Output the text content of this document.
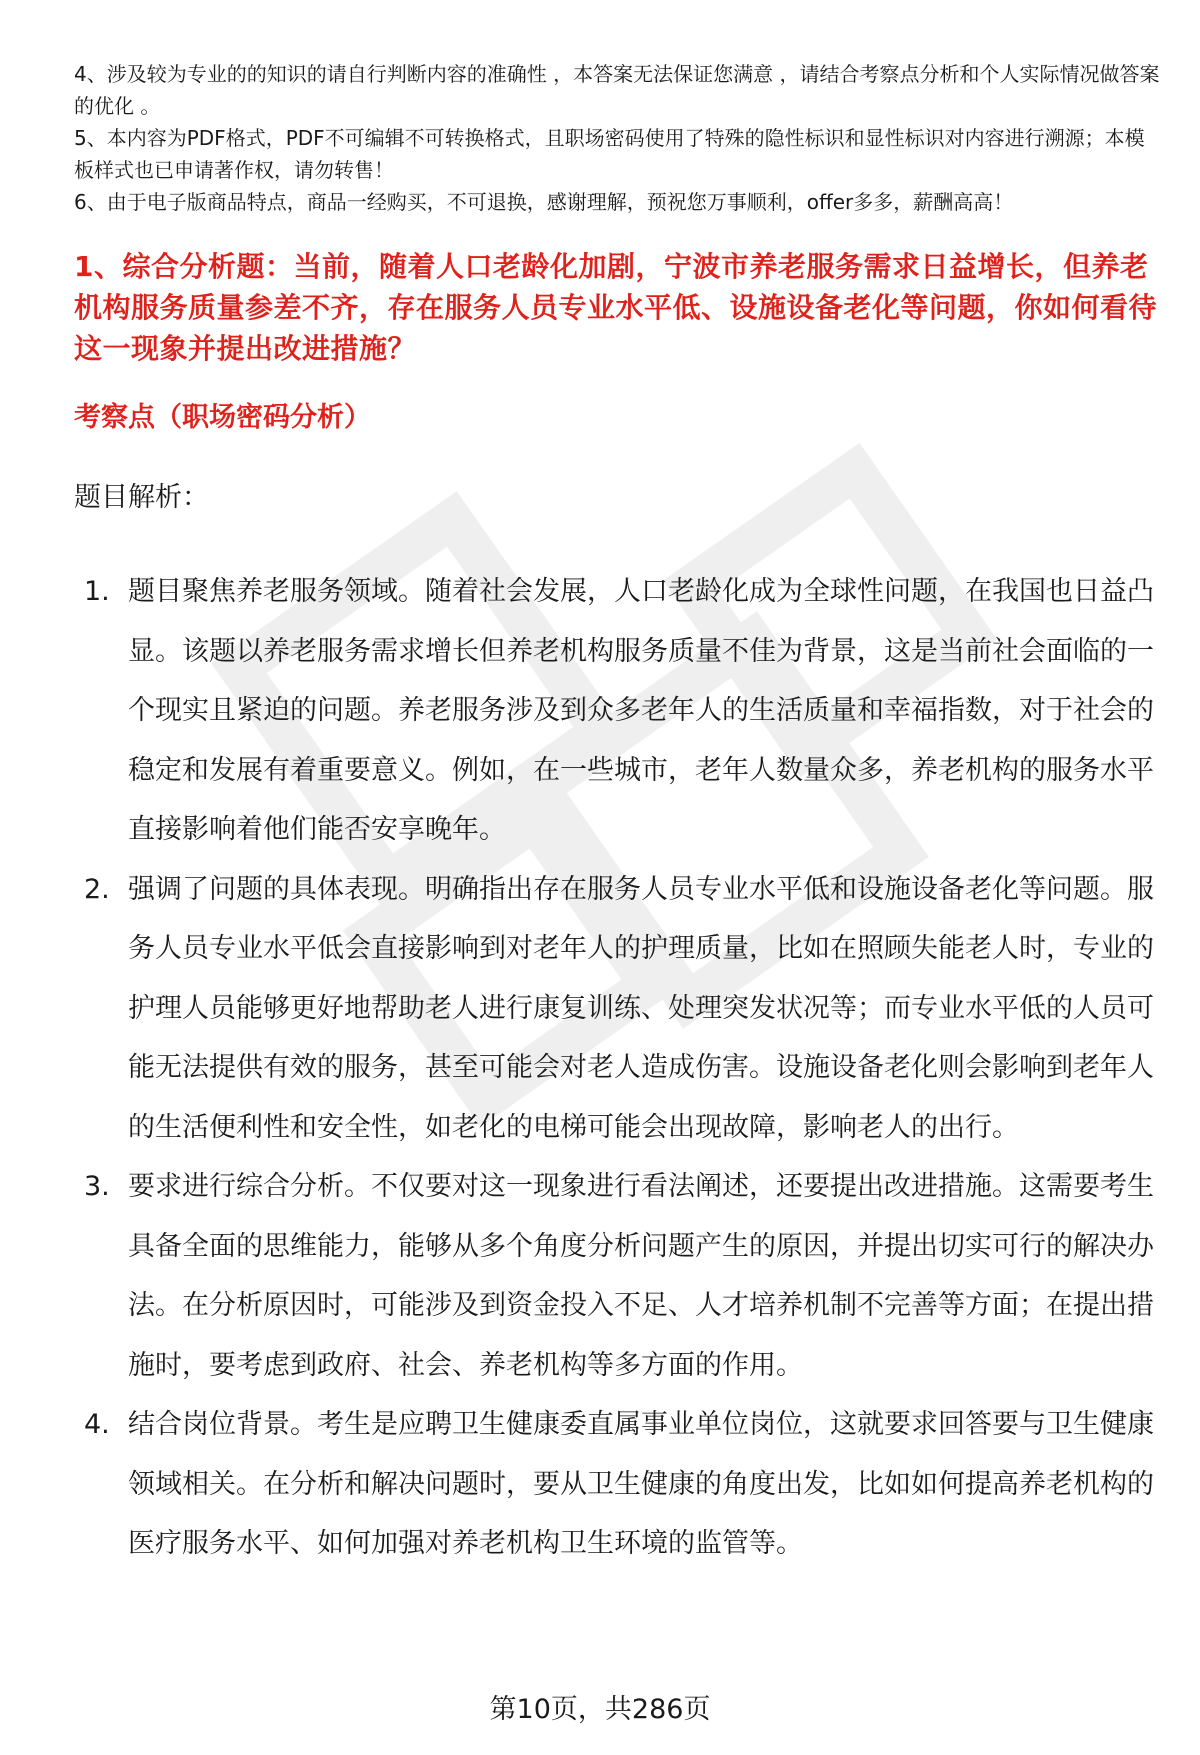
4、涉及较为专业的的知识的请自行判断内容的准确性 ，本答案无法保证您满意 ，请结合考察点分析和个人实际情况做答案的优化 。

5、本内容为PDF格式，PDF不可编辑不可转换格式，且职场密码使用了特殊的隐性标识和显性标识对内容进行溯源；本模板样式也已申请著作权，请勿转售！

6、由于电子版商品特点，商品一经购买，不可退换，感谢理解，预祝您万事顺利，offer多多，薪酬高高！

1、综合分析题：当前，随着人口老龄化加剧，宁波市养老服务需求日益增长，但养老机构服务质量参差不齐，存在服务人员专业水平低、设施设备老化等问题，你如何看待这一现象并提出改进措施？
考察点（职场密码分析）
题目解析：
1. 题目聚焦养老服务领域。随着社会发展，人口老龄化成为全球性问题，在我国也日益凸显。该题以养老服务需求增长但养老机构服务质量不佳为背景，这是当前社会面临的一个现实且紧迫的问题。养老服务涉及到众多老年人的生活质量和幸福指数，对于社会的稳定和发展有着重要意义。例如，在一些城市，老年人数量众多，养老机构的服务水平直接影响着他们能否安享晚年。
2. 强调了问题的具体表现。明确指出存在服务人员专业水平低和设施设备老化等问题。服务人员专业水平低会直接影响到对老年人的护理质量，比如在照顾失能老人时，专业的护理人员能够更好地帮助老人进行康复训练、处理突发状况等；而专业水平低的人员可能无法提供有效的服务，甚至可能会对老人造成伤害。设施设备老化则会影响到老年人的生活便利性和安全性，如老化的电梯可能会出现故障，影响老人的出行。
3. 要求进行综合分析。不仅要对这一现象进行看法阐述，还要提出改进措施。这需要考生具备全面的思维能力，能够从多个角度分析问题产生的原因，并提出切实可行的解决办法。在分析原因时，可能涉及到资金投入不足、人才培养机制不完善等方面；在提出措施时，要考虑到政府、社会、养老机构等多方面的作用。
4. 结合岗位背景。考生是应聘卫生健康委直属事业单位岗位，这就要求回答要与卫生健康领域相关。在分析和解决问题时，要从卫生健康的角度出发，比如如何提高养老机构的医疗服务水平、如何加强对养老机构卫生环境的监管等。
第10页，共286页
